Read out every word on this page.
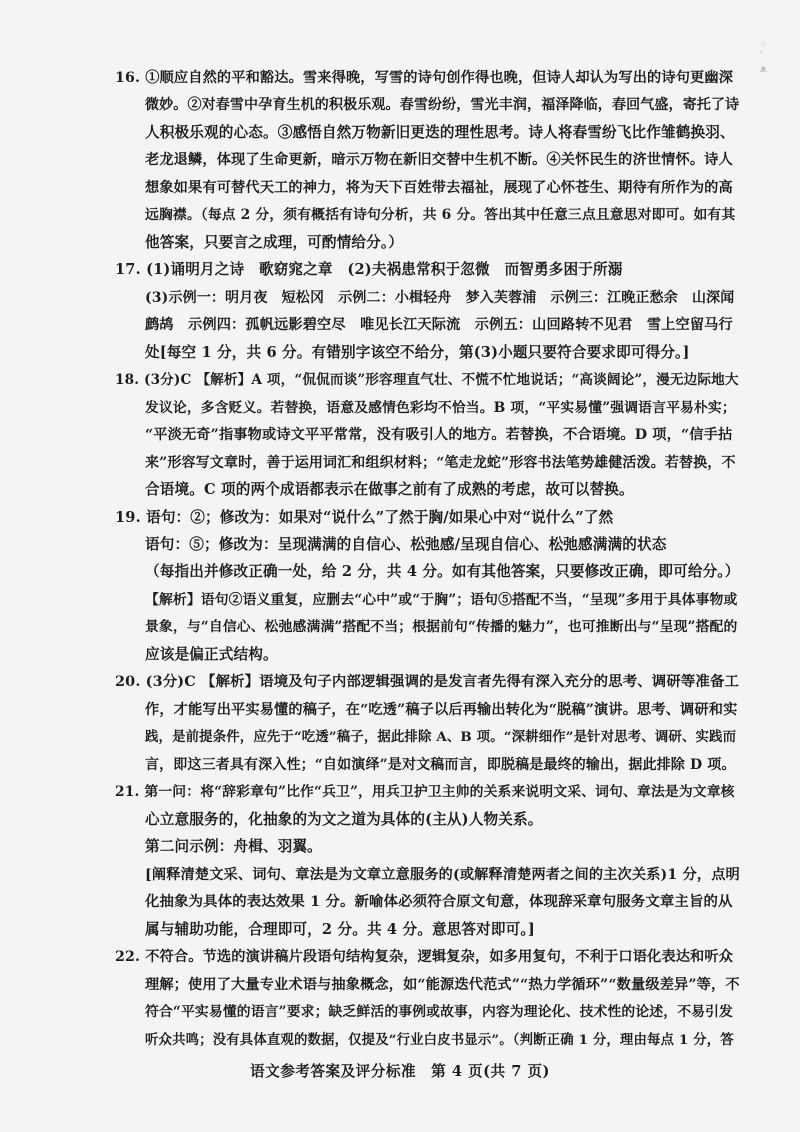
⁘
ﾞ
ᴥ
16. ①顺应自然的平和豁达。雪来得晚，写雪的诗句创作得也晚，但诗人却认为写出的诗句更幽深
微妙。②对春雪中孕育生机的积极乐观。春雪纷纷，雪光丰润，福泽降临，春回气盛，寄托了诗
人积极乐观的心态。③感悟自然万物新旧更迭的理性思考。诗人将春雪纷飞比作雏鹤换羽、
老龙退鳞，体现了生命更新，暗示万物在新旧交替中生机不断。④关怀民生的济世情怀。诗人
想象如果有可替代天工的神力，将为天下百姓带去福祉，展现了心怀苍生、期待有所作为的高
远胸襟。（每点 2 分，须有概括有诗句分析，共 6 分。答出其中任意三点且意思对即可。如有其
他答案，只要言之成理，可酌情给分。）
17. (1)诵明月之诗　歌窈窕之章　(2)夫祸患常积于忽微　而智勇多困于所溺
(3)示例一：明月夜　短松冈　示例二：小楫轻舟　梦入芙蓉浦　示例三：江晚正愁余　山深闻
鹧鸪　示例四：孤帆远影碧空尽　唯见长江天际流　示例五：山回路转不见君　雪上空留马行
处[每空 1 分，共 6 分。有错别字该空不给分，第(3)小题只要符合要求即可得分。]
18. (3分)C 【解析】A 项，“侃侃而谈”形容理直气壮、不慌不忙地说话；“高谈阔论”，漫无边际地大
发议论，多含贬义。若替换，语意及感情色彩均不恰当。B 项，“平实易懂”强调语言平易朴实；
“平淡无奇”指事物或诗文平平常常，没有吸引人的地方。若替换，不合语境。D 项，“信手拈
来”形容写文章时，善于运用词汇和组织材料；“笔走龙蛇”形容书法笔势雄健活泼。若替换，不
合语境。C 项的两个成语都表示在做事之前有了成熟的考虑，故可以替换。
19. 语句：②；修改为：如果对“说什么”了然于胸/如果心中对“说什么”了然
语句：⑤；修改为：呈现满满的自信心、松弛感/呈现自信心、松弛感满满的状态
（每指出并修改正确一处，给 2 分，共 4 分。如有其他答案，只要修改正确，即可给分。）
【解析】语句②语义重复，应删去“心中”或“于胸”；语句⑤搭配不当，“呈现”多用于具体事物或
景象，与“自信心、松弛感满满”搭配不当；根据前句“传播的魅力”，也可推断出与“呈现”搭配的
应该是偏正式结构。
20. (3分)C 【解析】语境及句子内部逻辑强调的是发言者先得有深入充分的思考、调研等准备工
作，才能写出平实易懂的稿子，在“吃透”稿子以后再输出转化为“脱稿”演讲。思考、调研和实
践，是前提条件，应先于“吃透”稿子，据此排除 A、B 项。“深耕细作”是针对思考、调研、实践而
言，即这三者具有深入性；“自如演绎”是对文稿而言，即脱稿是最终的输出，据此排除 D 项。
21. 第一问：将“辞彩章句”比作“兵卫”，用兵卫护卫主帅的关系来说明文采、词句、章法是为文章核
心立意服务的，化抽象的为文之道为具体的(主从)人物关系。
第二问示例：舟楫、羽翼。
[阐释清楚文采、词句、章法是为文章立意服务的(或解释清楚两者之间的主次关系)1 分，点明
化抽象为具体的表达效果 1 分。新喻体必须符合原文旬意，体现辞采章句服务文章主旨的从
属与辅助功能，合理即可，2 分。共 4 分。意思答对即可。]
22. 不符合。节选的演讲稿片段语句结构复杂，逻辑复杂，如多用复句，不利于口语化表达和听众
理解；使用了大量专业术语与抽象概念，如“能源迭代范式”“热力学循环”“数量级差异”等，不
符合“平实易懂的语言”要求；缺乏鲜活的事例或故事，内容为理论化、技术性的论述，不易引发
语文参考答案及评分标准　第 4 页(共 7 页)
听众共鸣；没有具体直观的数据，仅提及“行业白皮书显示”。（判断正确 1 分，理由每点 1 分，答
